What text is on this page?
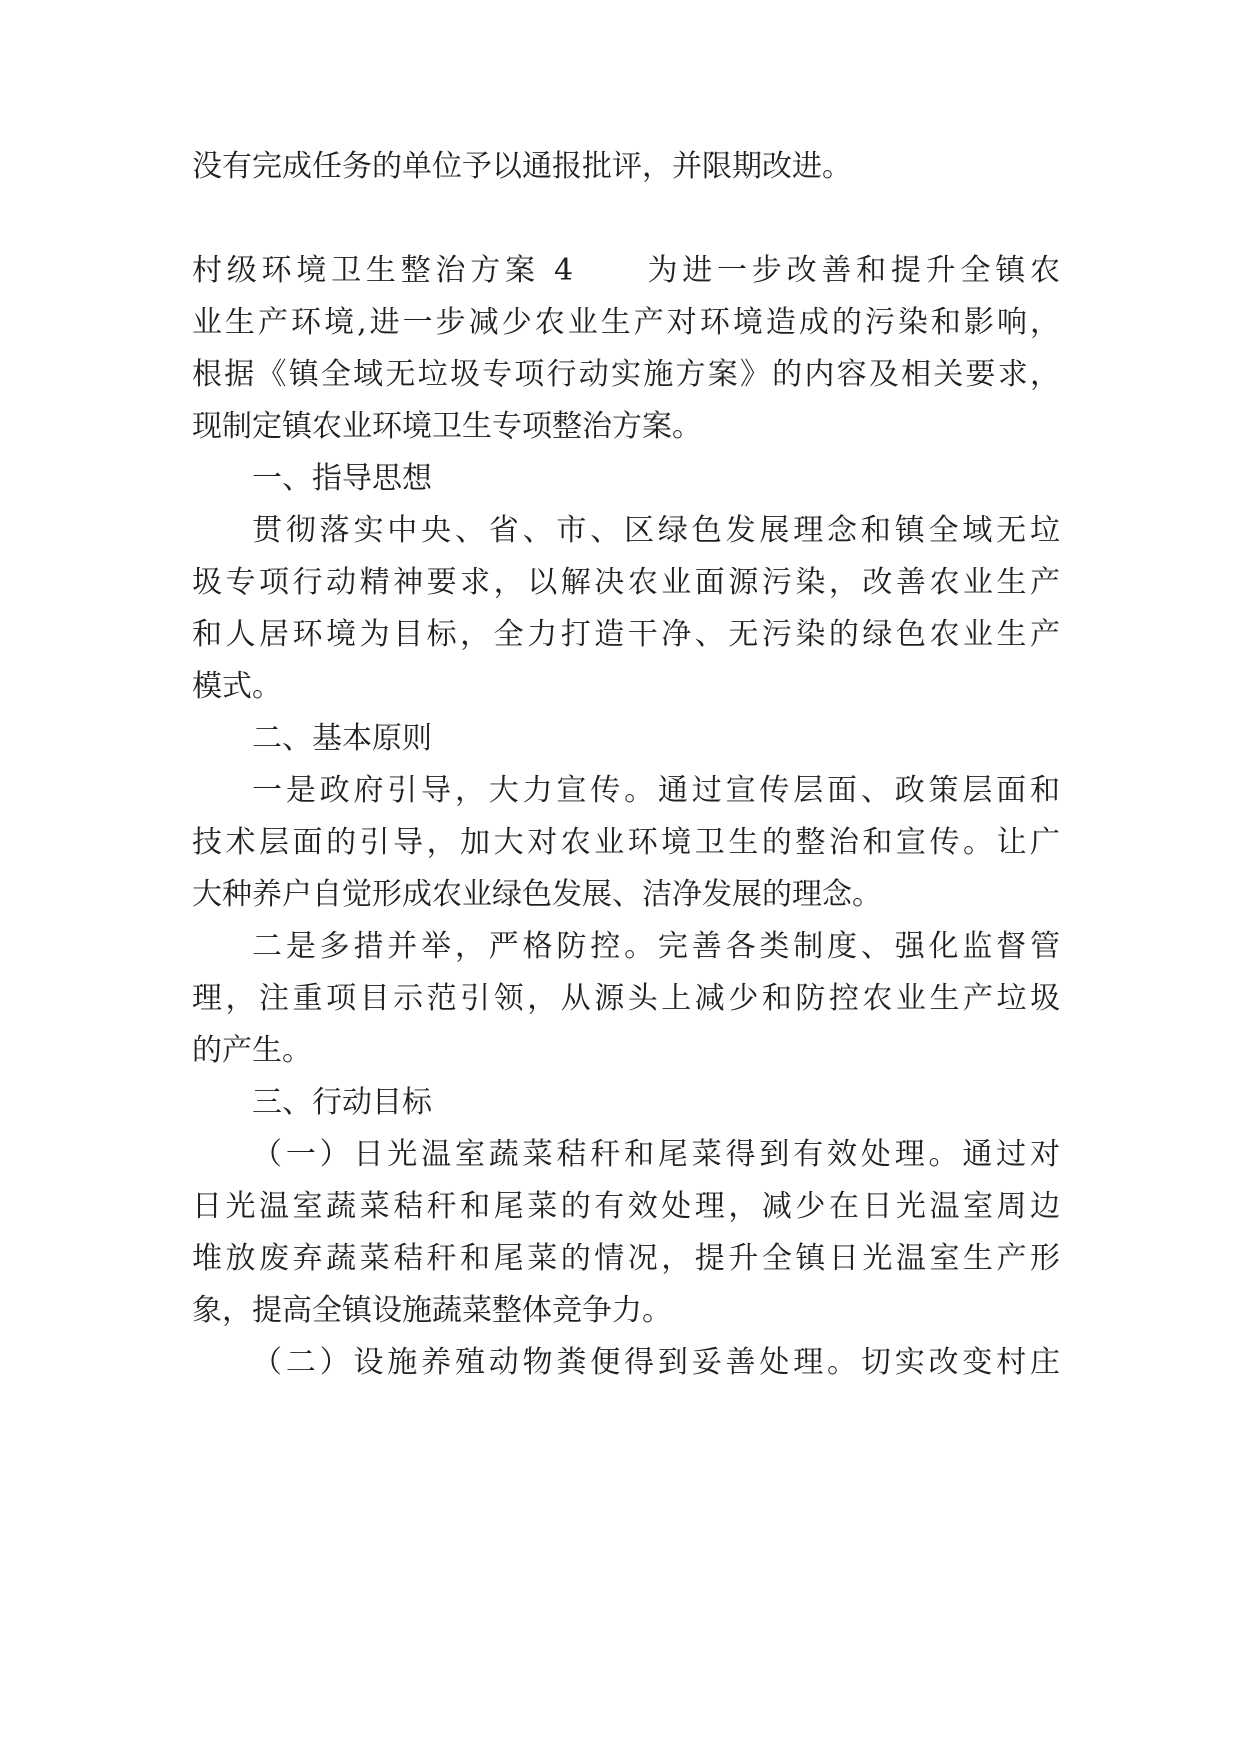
没有完成任务的单位予以通报批评，并限期改进。
村级环境卫生整治方案 4　　为进一步改善和提升全镇农
业生产环境,进一步减少农业生产对环境造成的污染和影响，
根据《镇全域无垃圾专项行动实施方案》的内容及相关要求，
现制定镇农业环境卫生专项整治方案。
一、指导思想
贯彻落实中央、省、市、区绿色发展理念和镇全域无垃
圾专项行动精神要求，以解决农业面源污染，改善农业生产
和人居环境为目标，全力打造干净、无污染的绿色农业生产
模式。
二、基本原则
一是政府引导，大力宣传。通过宣传层面、政策层面和
技术层面的引导，加大对农业环境卫生的整治和宣传。让广
大种养户自觉形成农业绿色发展、洁净发展的理念。
二是多措并举，严格防控。完善各类制度、强化监督管
理，注重项目示范引领，从源头上减少和防控农业生产垃圾
的产生。
三、行动目标
（一）日光温室蔬菜秸秆和尾菜得到有效处理。通过对
日光温室蔬菜秸秆和尾菜的有效处理，减少在日光温室周边
堆放废弃蔬菜秸秆和尾菜的情况，提升全镇日光温室生产形
象，提高全镇设施蔬菜整体竞争力。
（二）设施养殖动物粪便得到妥善处理。切实改变村庄
